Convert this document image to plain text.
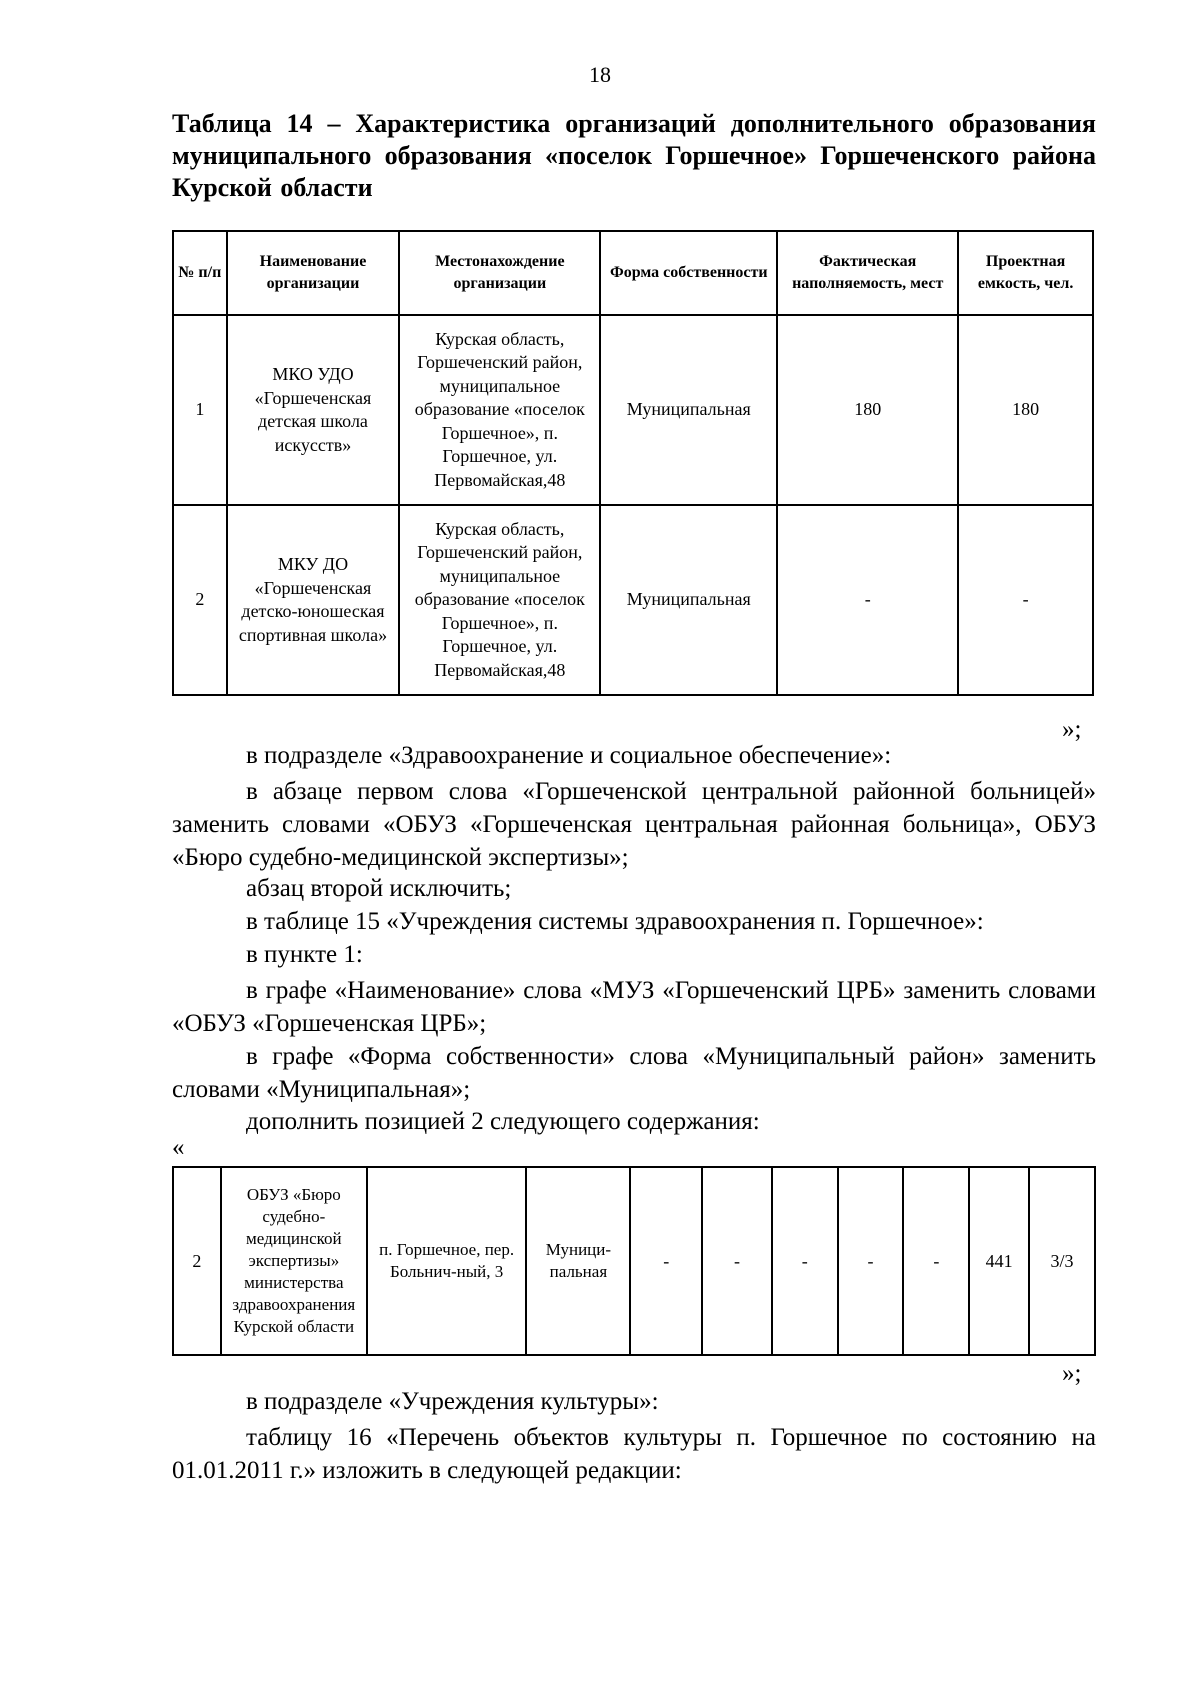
18
Таблица 14 – Характеристика организаций дополнительного образования муниципального образования «поселок Горшечное» Горшеченского района Курской области
№ п/п	Наименование организации	Местонахождение организации	Форма собственности	Фактическая наполняемость, мест	Проектная емкость, чел.
1	МКО УДО «Горшеченская детская школа искусств»	Курская область, Горшеченский район, муниципальное образование «поселок Горшечное», п. Горшечное, ул. Первомайская,48	Муниципальная	180	180
2	МКУ ДО «Горшеченская детско-юношеская спортивная школа»	Курская область, Горшеченский район, муниципальное образование «поселок Горшечное», п. Горшечное, ул. Первомайская,48	Муниципальная	-	-
»;
в подразделе «Здравоохранение и социальное обеспечение»:
в абзаце первом слова «Горшеченской центральной районной больницей» заменить словами «ОБУЗ «Горшеченская центральная районная больница», ОБУЗ «Бюро судебно-медицинской экспертизы»;
абзац второй исключить;
в таблице 15 «Учреждения системы здравоохранения п. Горшечное»:
в пункте 1:
в графе «Наименование» слова «МУЗ «Горшеченский ЦРБ» заменить словами «ОБУЗ «Горшеченская ЦРБ»;
в графе «Форма собственности» слова «Муниципальный район» заменить словами «Муниципальная»;
дополнить позицией 2 следующего содержания:
«
2	ОБУЗ «Бюро судебно-медицинской экспертизы» министерства здравоохранения Курской области	п. Горшечное, пер. Больнич-ный, 3	Муници-пальная	-	-	-	-	-	441	3/3
»;
в подразделе «Учреждения культуры»:
таблицу 16 «Перечень объектов культуры п. Горшечное по состоянию на 01.01.2011 г.» изложить в следующей редакции:
